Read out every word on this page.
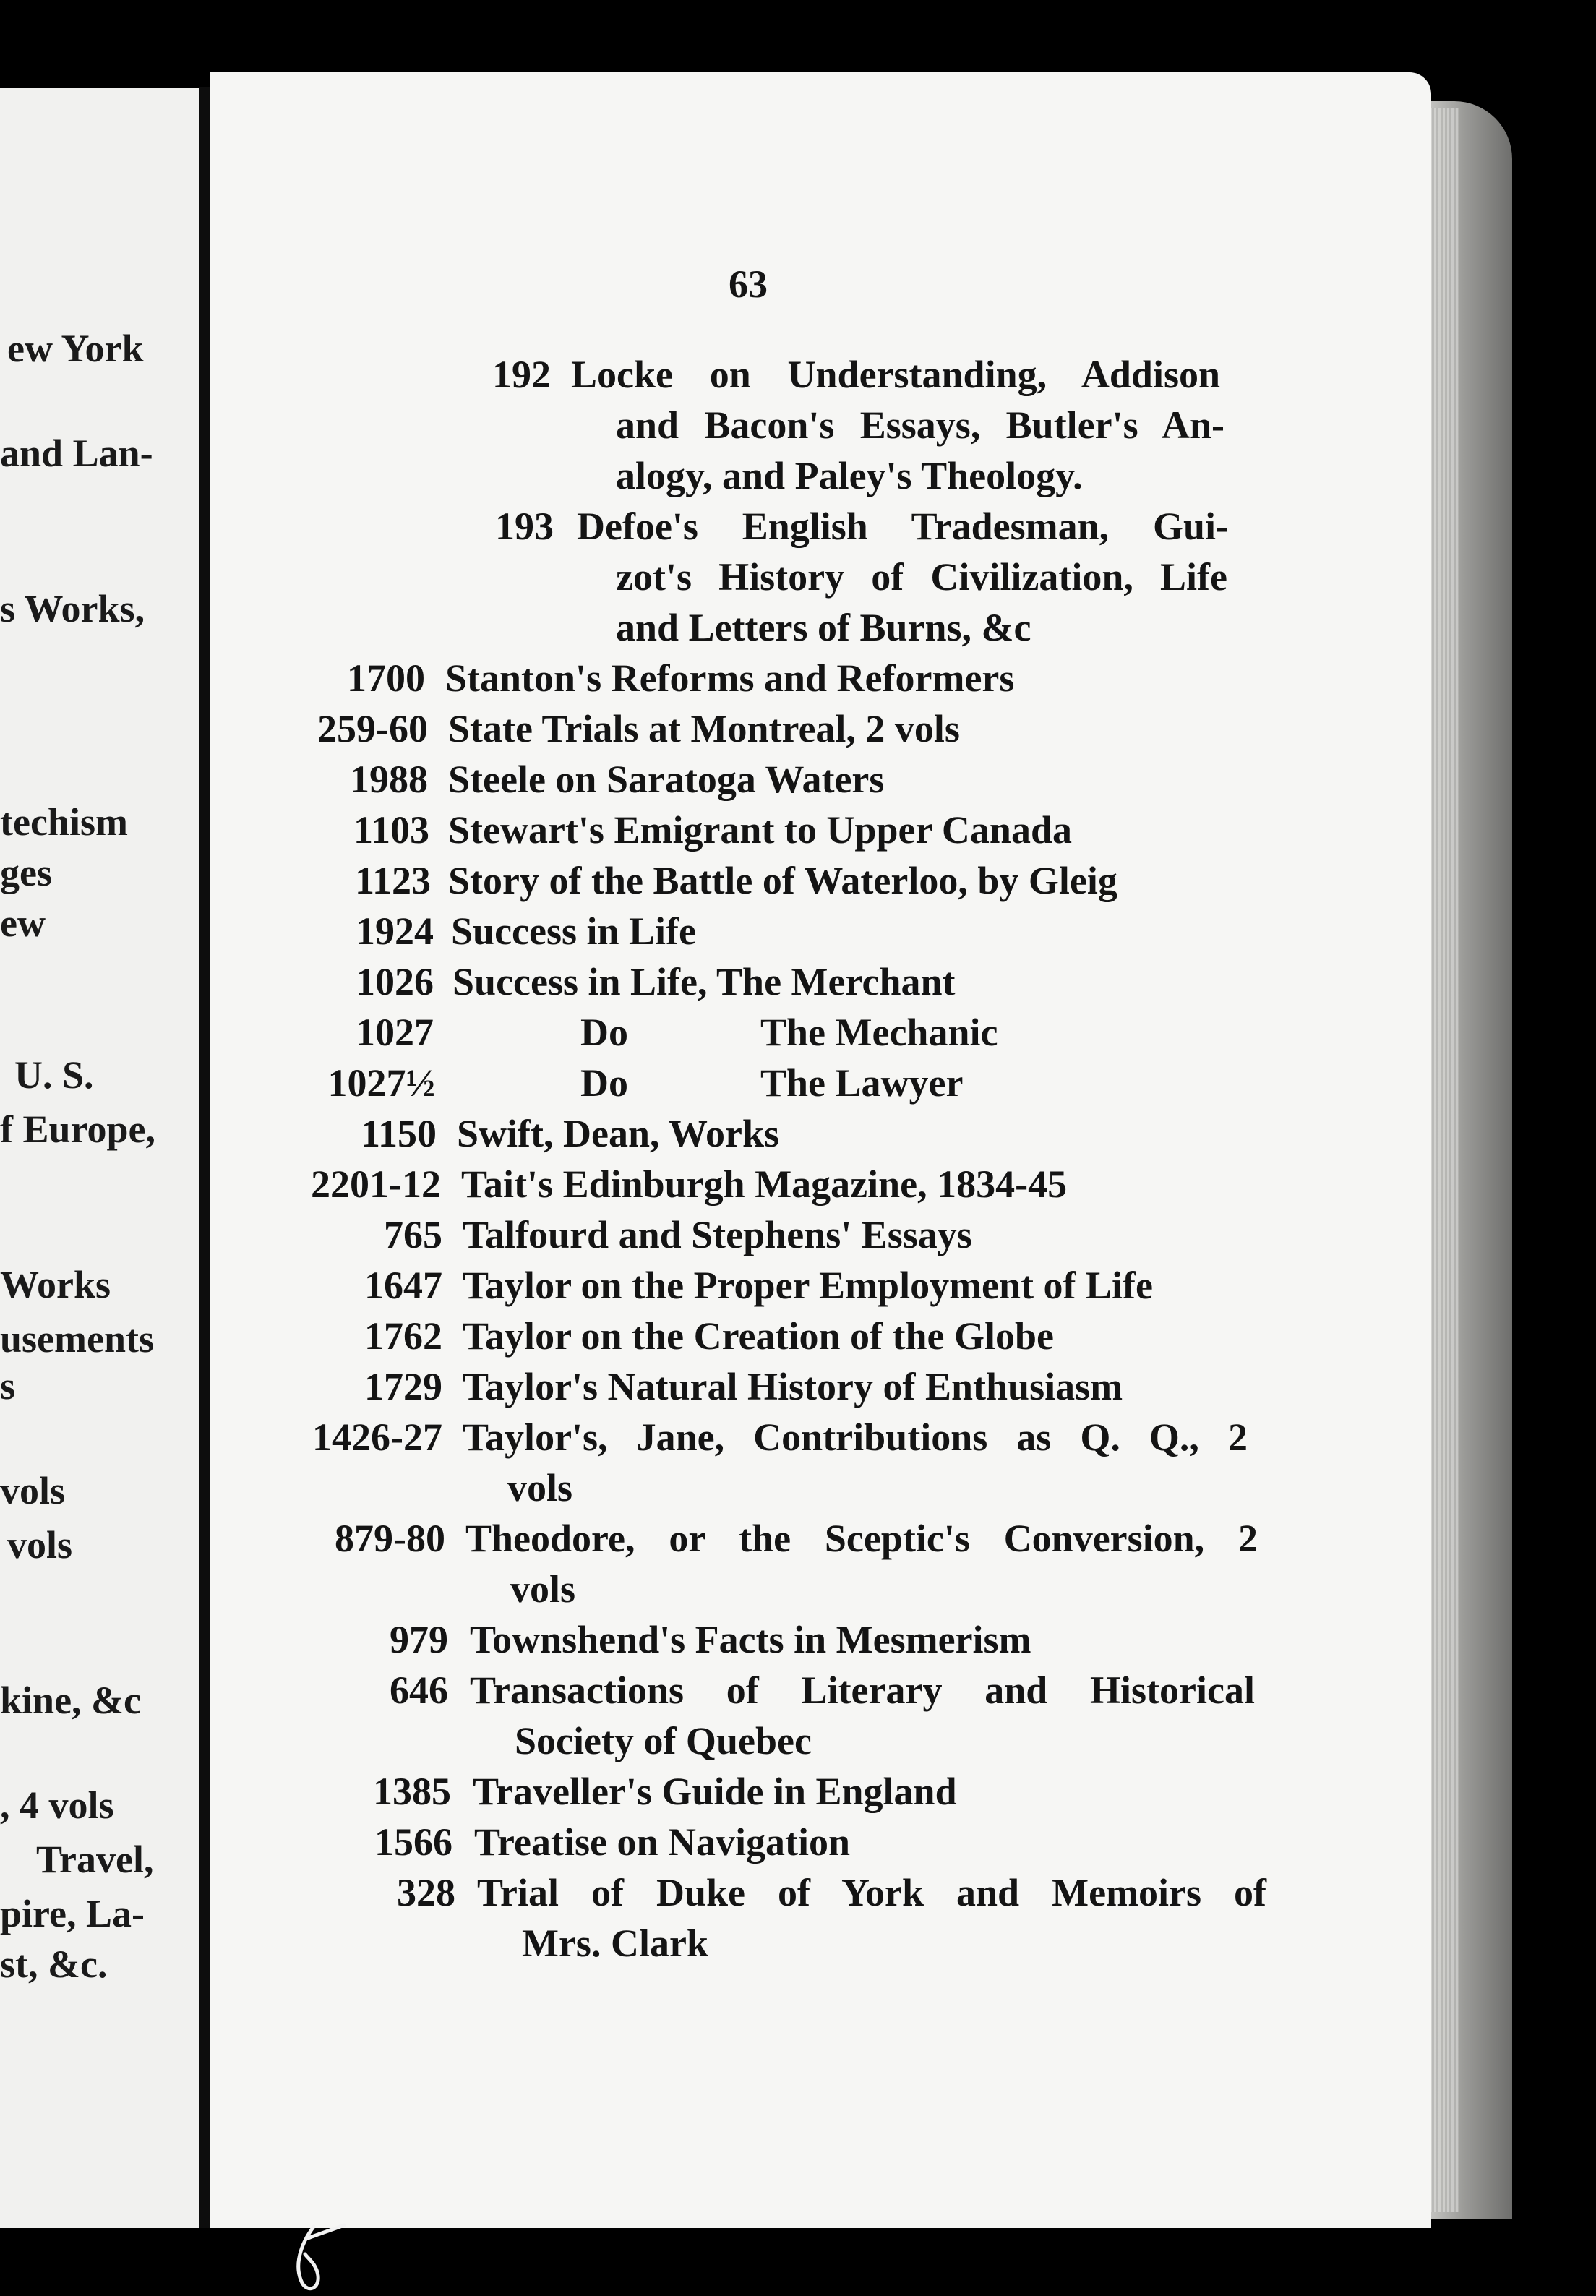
ew York
and Lan-
s Works,
techism
ges
ew
U. S.
f Europe,
Works
usements
s
vols
vols
kine, &c
, 4 vols
Travel,
pire, La-
st, &c.
63
192 Locke on Understanding, Addison
and Bacon's Essays, Butler's An-
alogy, and Paley's Theology.
193 Defoe's English Tradesman, Gui-
zot's History of Civilization, Life
and Letters of Burns, &c
1700 Stanton's Reforms and Reformers
259-60 State Trials at Montreal, 2 vols
1988 Steele on Saratoga Waters
1103 Stewart's Emigrant to Upper Canada
1123 Story of the Battle of Waterloo, by Gleig
1924 Success in Life
1026 Success in Life, The Merchant
1027	Do	The Mechanic
1027½	Do	The Lawyer
1150 Swift, Dean, Works
2201-12 Tait's Edinburgh Magazine, 1834-45
765 Talfourd and Stephens' Essays
1647 Taylor on the Proper Employment of Life
1762 Taylor on the Creation of the Globe
1729 Taylor's Natural History of Enthusiasm
1426-27 Taylor's, Jane, Contributions as Q. Q., 2
vols
879-80 Theodore, or the Sceptic's Conversion, 2
vols
979 Townshend's Facts in Mesmerism
646 Transactions of Literary and Historical
Society of Quebec
1385 Traveller's Guide in England
1566 Treatise on Navigation
328 Trial of Duke of York and Memoirs of
Mrs. Clark
